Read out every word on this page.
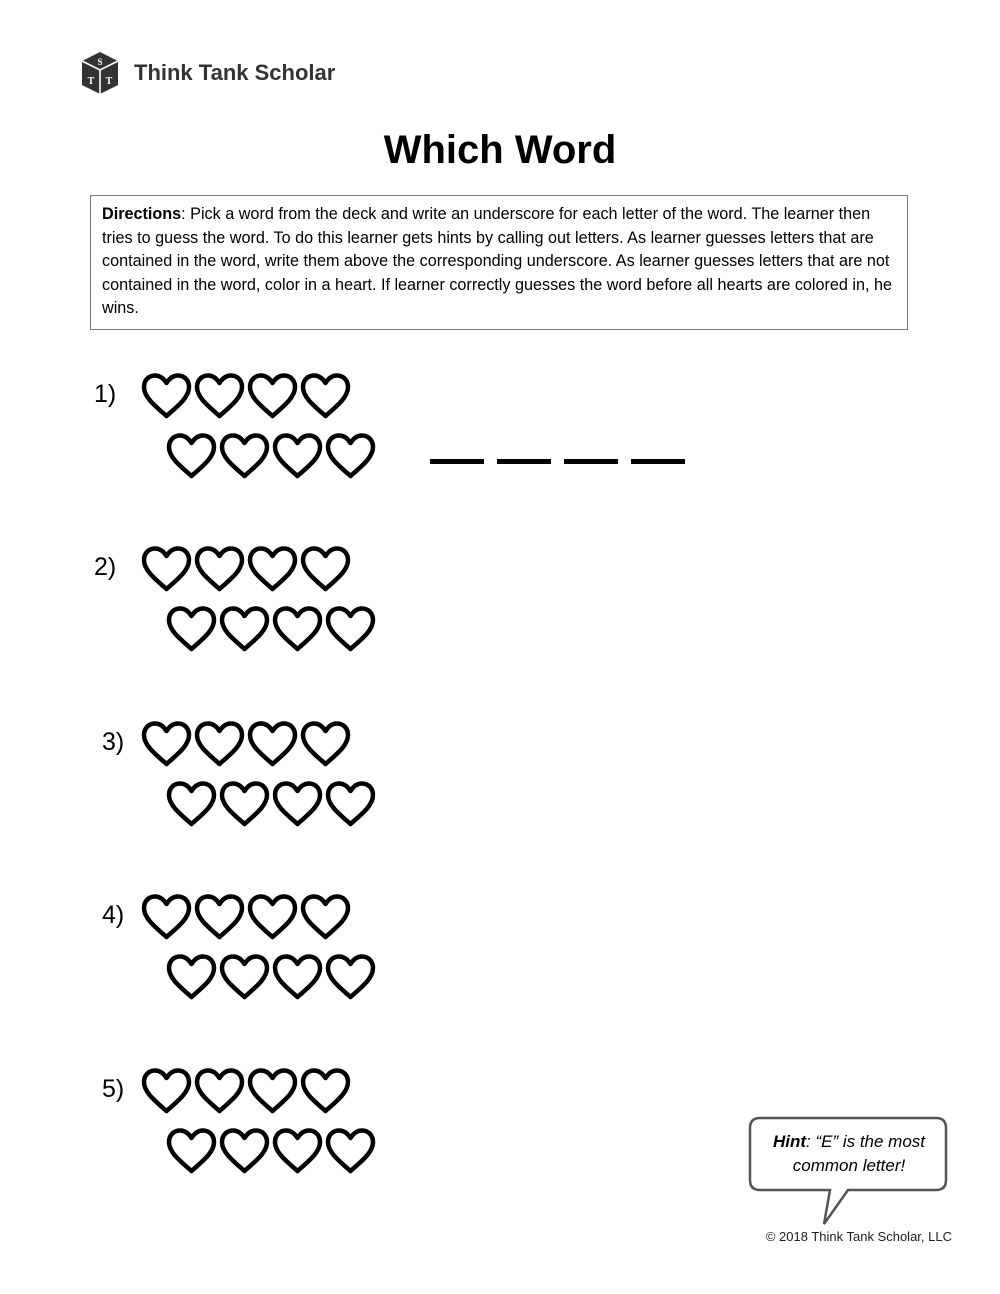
S
T T Think Tank Scholar
Which Word
Directions: Pick a word from the deck and write an underscore for each letter of the word. The learner then tries to guess the word. To do this learner gets hints by calling out letters. As learner guesses letters that are contained in the word, write them above the corresponding underscore. As learner guesses letters that are not contained in the word, color in a heart. If learner correctly guesses the word before all hearts are colored in, he wins.
1)
2)
3)
4)
5)
Hint: “E” is the most common letter!
© 2018 Think Tank Scholar, LLC
